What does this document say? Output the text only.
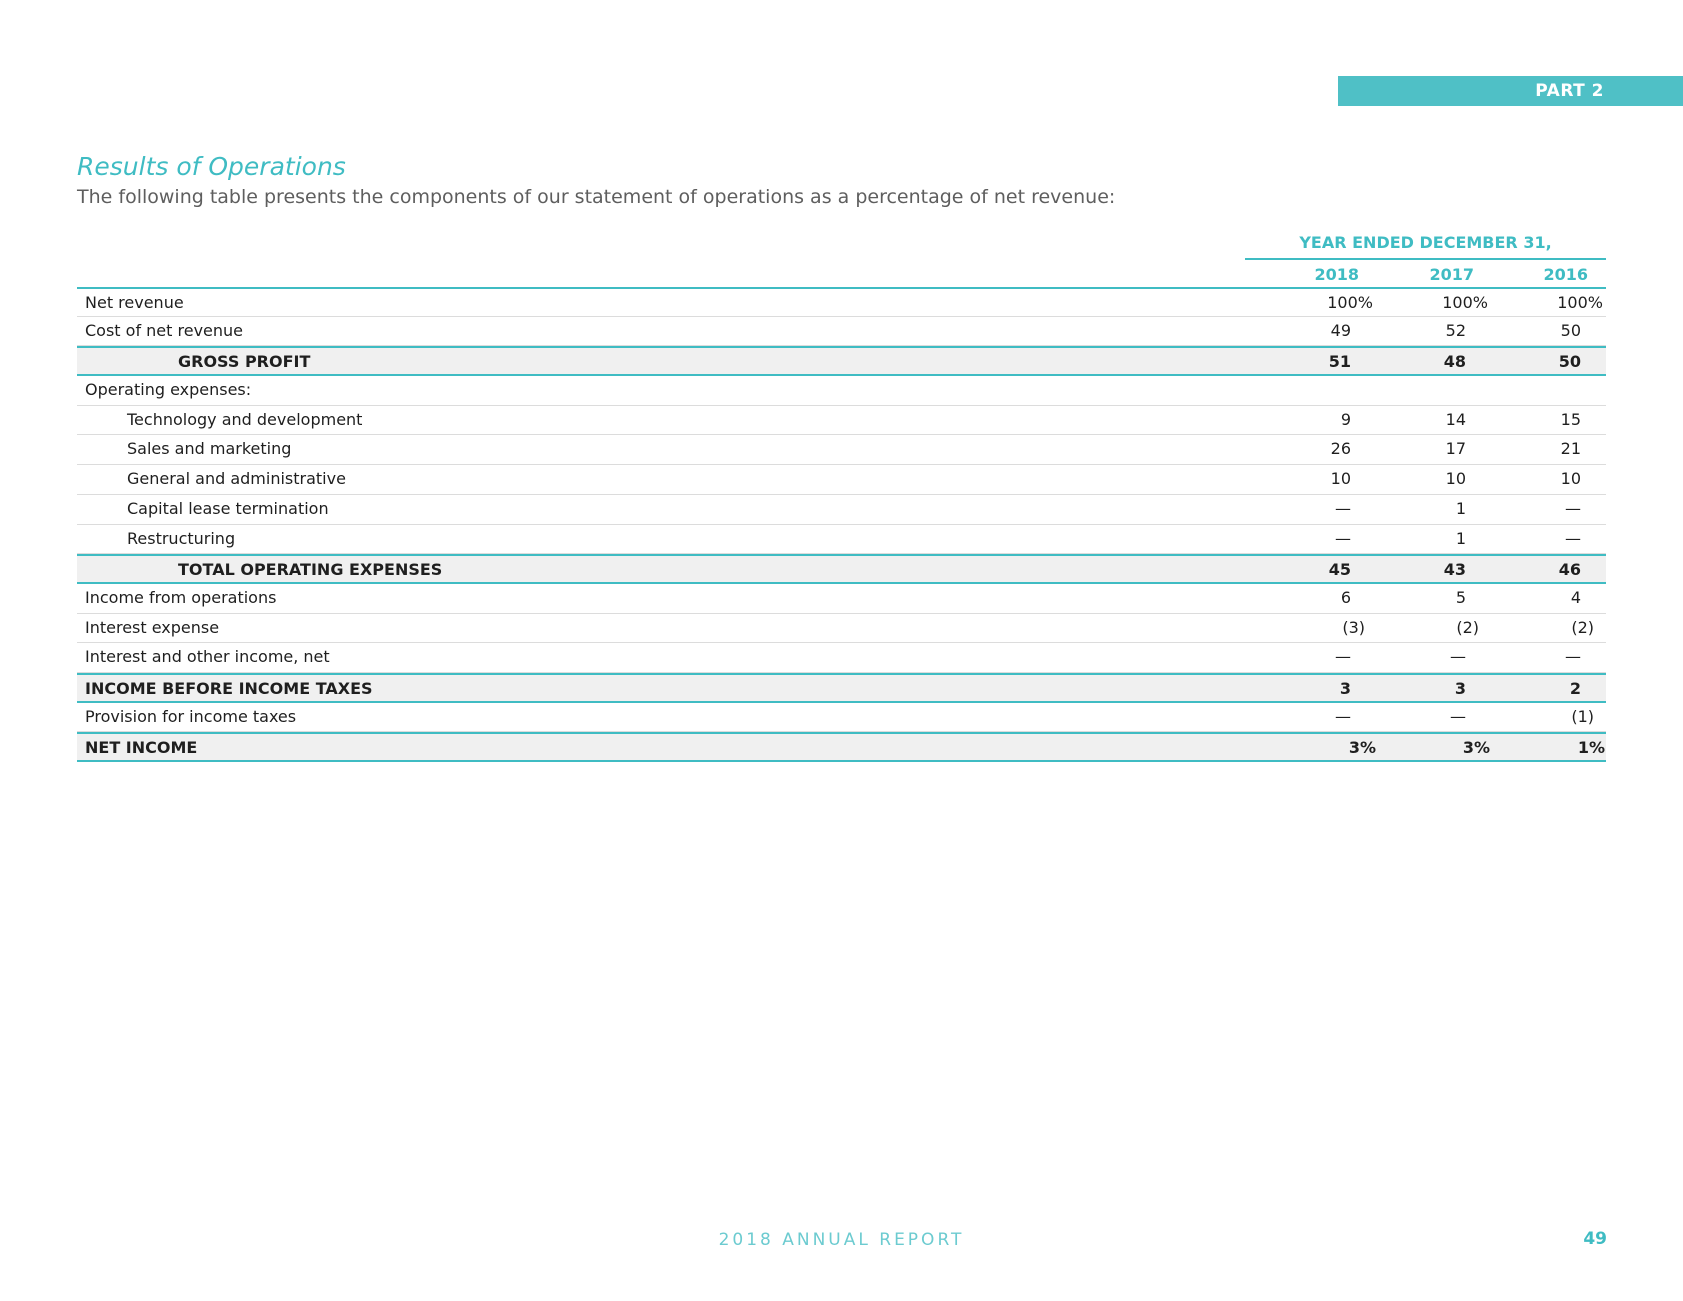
PART 2
Results of Operations
The following table presents the components of our statement of operations as a percentage of net revenue:
YEAR ENDED DECEMBER 31,
2018	2017	2016
Net revenue	100%	100%	100%
Cost of net revenue	49	52	50
GROSS PROFIT	51	48	50
Operating expenses:
Technology and development	9	14	15
Sales and marketing	26	17	21
General and administrative	10	10	10
Capital lease termination	—	1	—
Restructuring	—	1	—
TOTAL OPERATING EXPENSES	45	43	46
Income from operations	6	5	4
Interest expense	(3)	(2)	(2)
Interest and other income, net	—	—	—
INCOME BEFORE INCOME TAXES	3	3	2
Provision for income taxes	—	—	(1)
NET INCOME	3%	3%	1%
2018 ANNUAL REPORT	49
